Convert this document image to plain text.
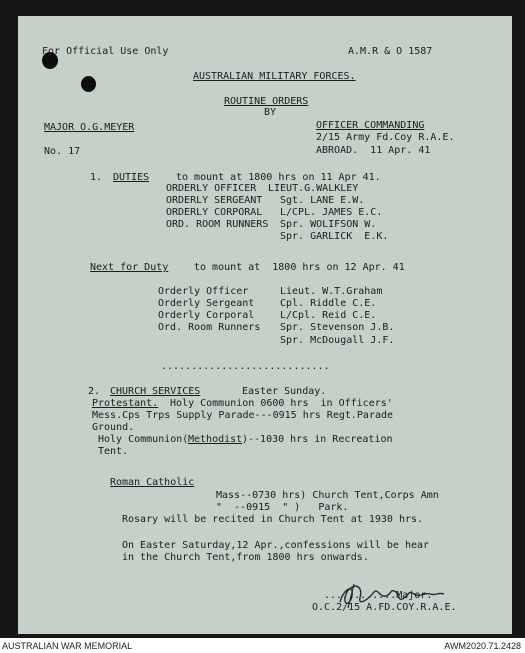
For Official Use Only	A.M.R & O 1587
AUSTRALIAN MILITARY FORCES.
ROUTINE ORDERS
BY
MAJOR O.G.MEYER	OFFICER COMMANDING
2/15 Army Fd.Coy R.A.E.
No. 17	ABROAD.  11 Apr. 41
1. DUTIES	to mount at 1800 hrs on 11 Apr 41.
ORDERLY OFFICER LIEUT.G.WALKLEY
ORDERLY SERGEANT Sgt. LANE E.W.
ORDERLY CORPORAL L/CPL. JAMES E.C.
ORD. ROOM RUNNERS Spr. WOLIFSON W.
Spr. GARLICK  E.K.
Next for Duty	to mount at  1800 hrs on 12 Apr. 41
Orderly Officer	Lieut. W.T.Graham
Orderly Sergeant	Cpl. Riddle C.E.
Orderly Corporal	L/Cpl. Reid C.E.
Ord. Room Runners Spr. Stevenson J.B.
Spr. McDougall J.F.
............................
2. CHURCH SERVICES	Easter Sunday.
Protestant. Holy Communion 0600 hrs  in Officers'
Mess.Cps Trps Supply Parade---0915 hrs Regt.Parade
Ground.
Holy Communion( Methodist )--1030 hrs in Recreation
Tent.
Roman Catholic
Mass--0730 hrs) Church Tent,Corps Amn
"  --0915  " )   Park.
Rosary will be recited in Church Tent at 1930 hrs.
On Easter Saturday,12 Apr.,confessions will be hear
in the Church Tent,from 1800 hrs onwards.
............Major.
O.C.2/15 A.FD.COY.R.A.E.
AUSTRALIAN WAR MEMORIAL	AWM2020.71.2428
